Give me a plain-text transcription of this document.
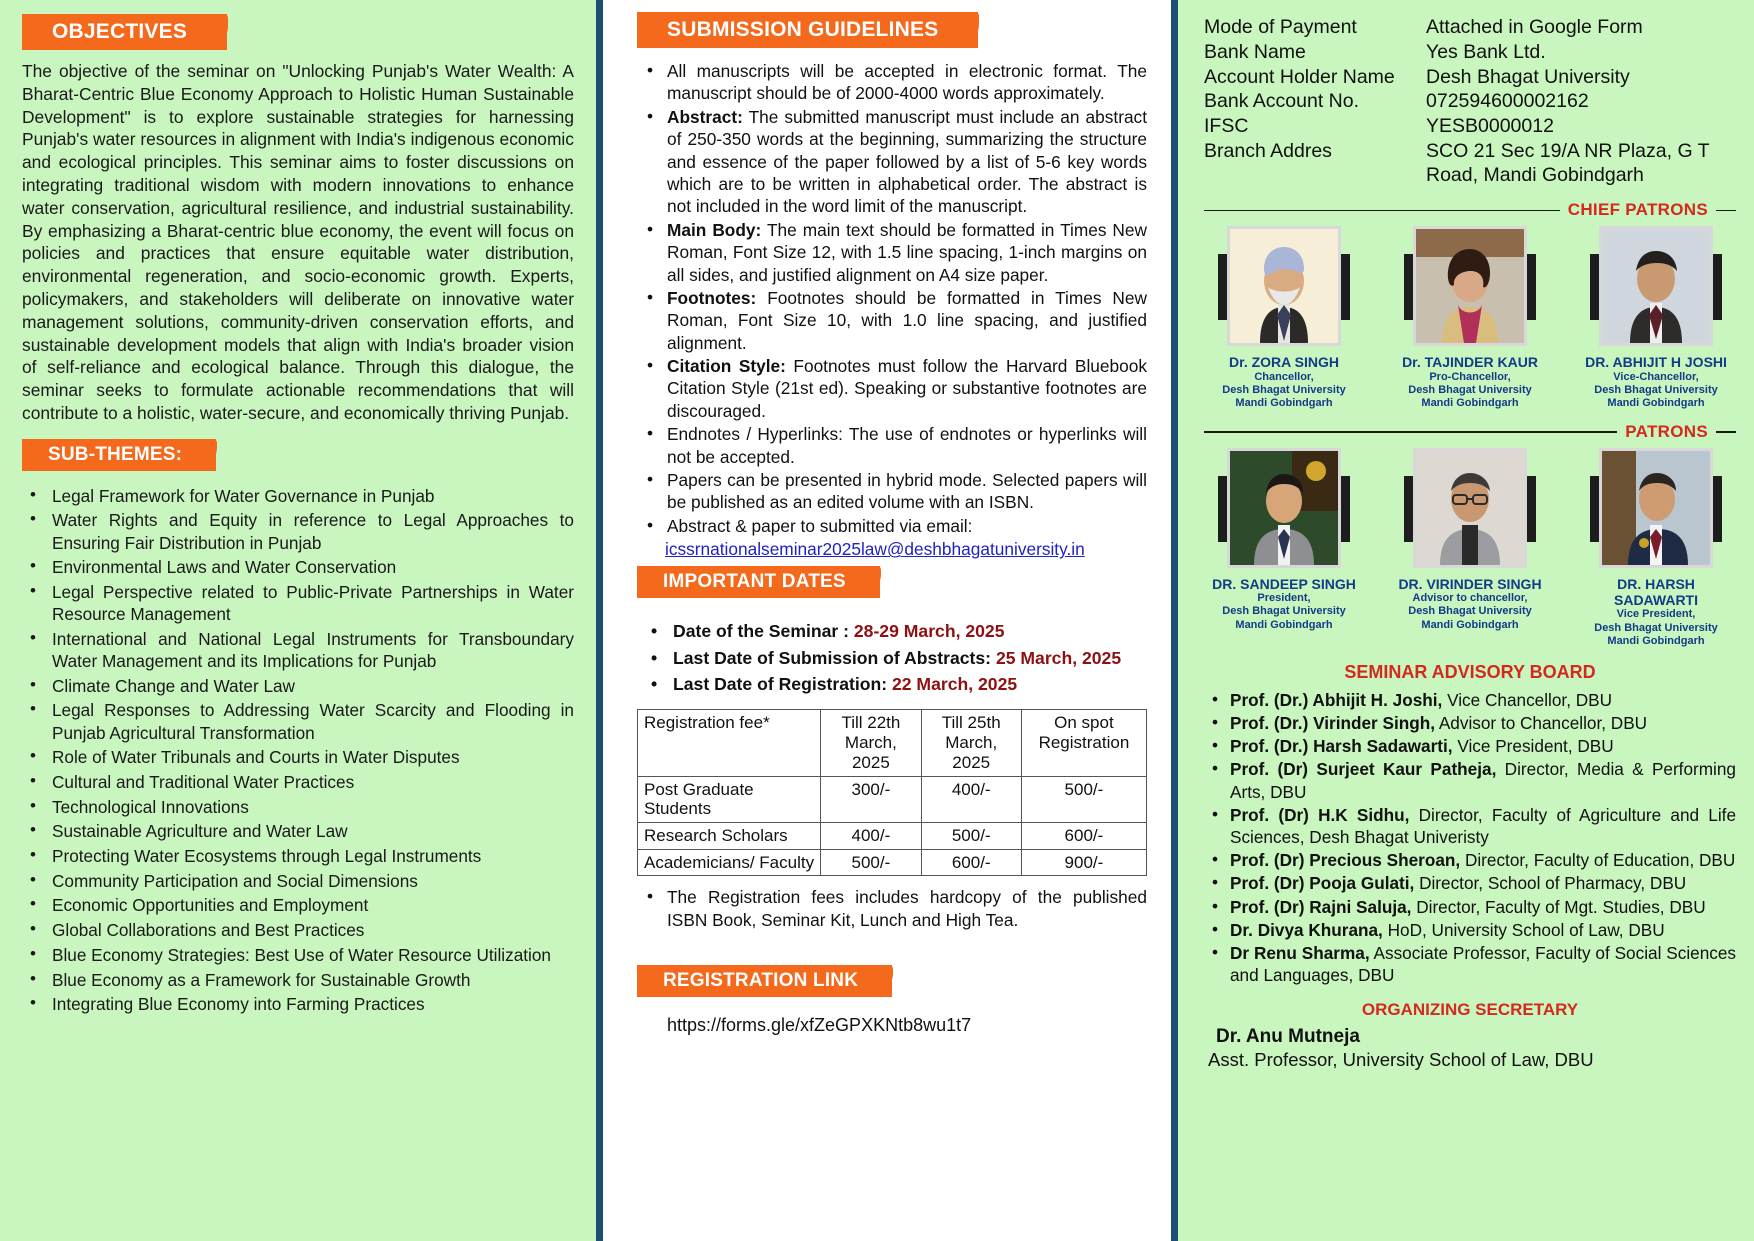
OBJECTIVES
The objective of the seminar on "Unlocking Punjab's Water Wealth: A Bharat-Centric Blue Economy Approach to Holistic Human Sustainable Development" is to explore sustainable strategies for harnessing Punjab's water resources in alignment with India's indigenous economic and ecological principles. This seminar aims to foster discussions on integrating traditional wisdom with modern innovations to enhance water conservation, agricultural resilience, and industrial sustainability. By emphasizing a Bharat-centric blue economy, the event will focus on policies and practices that ensure equitable water distribution, environmental regeneration, and socio-economic growth. Experts, policymakers, and stakeholders will deliberate on innovative water management solutions, community-driven conservation efforts, and sustainable development models that align with India's broader vision of self-reliance and ecological balance. Through this dialogue, the seminar seeks to formulate actionable recommendations that will contribute to a holistic, water-secure, and economically thriving Punjab.
SUB-THEMES:
• Legal Framework for Water Governance in Punjab
• Water Rights and Equity in reference to Legal Approaches to Ensuring Fair Distribution in Punjab
• Environmental Laws and Water Conservation
• Legal Perspective related to Public-Private Partnerships in Water Resource Management
• International and National Legal Instruments for Transboundary Water Management and its Implications for Punjab
• Climate Change and Water Law
• Legal Responses to Addressing Water Scarcity and Flooding in Punjab Agricultural Transformation
• Role of Water Tribunals and Courts in Water Disputes
• Cultural and Traditional Water Practices
• Technological Innovations
• Sustainable Agriculture and Water Law
• Protecting Water Ecosystems through Legal Instruments
• Community Participation and Social Dimensions
• Economic Opportunities and Employment
• Global Collaborations and Best Practices
• Blue Economy Strategies: Best Use of Water Resource Utilization
• Blue Economy as a Framework for Sustainable Growth
• Integrating Blue Economy into Farming Practices
SUBMISSION GUIDELINES
• All manuscripts will be accepted in electronic format. The manuscript should be of 2000-4000 words approximately.
• Abstract: The submitted manuscript must include an abstract of 250-350 words at the beginning, summarizing the structure and essence of the paper followed by a list of 5-6 key words which are to be written in alphabetical order. The abstract is not included in the word limit of the manuscript.
• Main Body: The main text should be formatted in Times New Roman, Font Size 12, with 1.5 line spacing, 1-inch margins on all sides, and justified alignment on A4 size paper.
• Footnotes: Footnotes should be formatted in Times New Roman, Font Size 10, with 1.0 line spacing, and justified alignment.
• Citation Style: Footnotes must follow the Harvard Bluebook Citation Style (21st ed). Speaking or substantive footnotes are discouraged.
• Endnotes / Hyperlinks: The use of endnotes or hyperlinks will not be accepted.
• Papers can be presented in hybrid mode. Selected papers will be published as an edited volume with an ISBN.
• Abstract & paper to submitted via email:
icssrnationalseminar2025law@deshbhagatuniversity.in
IMPORTANT DATES
• Date of the Seminar : 28-29 March, 2025
• Last Date of Submission of Abstracts: 25 March, 2025
• Last Date of Registration: 22 March, 2025
Registration fee*	Till 22th March, 2025	Till 25th March, 2025	On spot Registration
Post Graduate Students	300/-	400/-	500/-
Research Scholars	400/-	500/-	600/-
Academicians/ Faculty	500/-	600/-	900/-
• The Registration fees includes hardcopy of the published ISBN Book, Seminar Kit, Lunch and High Tea.
REGISTRATION LINK
https://forms.gle/xfZeGPXKNtb8wu1t7
Mode of Payment	Attached in Google Form
Bank Name	Yes Bank Ltd.
Account Holder Name	Desh Bhagat University
Bank Account No.	072594600002162
IFSC	YESB0000012
Branch Addres	SCO 21 Sec 19/A NR Plaza, G T Road, Mandi Gobindgarh
CHIEF PATRONS
Dr. ZORA SINGH
Chancellor,
Desh Bhagat University
Mandi Gobindgarh
Dr. TAJINDER KAUR
Pro-Chancellor,
Desh Bhagat University
Mandi Gobindgarh
DR. ABHIJIT H JOSHI
Vice-Chancellor,
Desh Bhagat University
Mandi Gobindgarh
PATRONS
DR. SANDEEP SINGH
President,
Desh Bhagat University
Mandi Gobindgarh
DR. VIRINDER SINGH
Advisor to chancellor,
Desh Bhagat University
Mandi Gobindgarh
DR. HARSH SADAWARTI
Vice President,
Desh Bhagat University
Mandi Gobindgarh
SEMINAR ADVISORY BOARD
• Prof. (Dr.) Abhijit H. Joshi, Vice Chancellor, DBU
• Prof. (Dr.) Virinder Singh, Advisor to Chancellor, DBU
• Prof. (Dr.) Harsh Sadawarti, Vice President, DBU
• Prof. (Dr) Surjeet Kaur Patheja, Director, Media & Performing Arts, DBU
• Prof. (Dr) H.K Sidhu, Director, Faculty of Agriculture and Life Sciences, Desh Bhagat Univeristy
• Prof. (Dr) Precious Sheroan, Director, Faculty of Education, DBU
• Prof. (Dr) Pooja Gulati, Director, School of Pharmacy, DBU
• Prof. (Dr) Rajni Saluja, Director, Faculty of Mgt. Studies, DBU
• Dr. Divya Khurana, HoD, University School of Law, DBU
• Dr Renu Sharma, Associate Professor, Faculty of Social Sciences and Languages, DBU
ORGANIZING SECRETARY
Dr. Anu Mutneja
Asst. Professor, University School of Law, DBU
